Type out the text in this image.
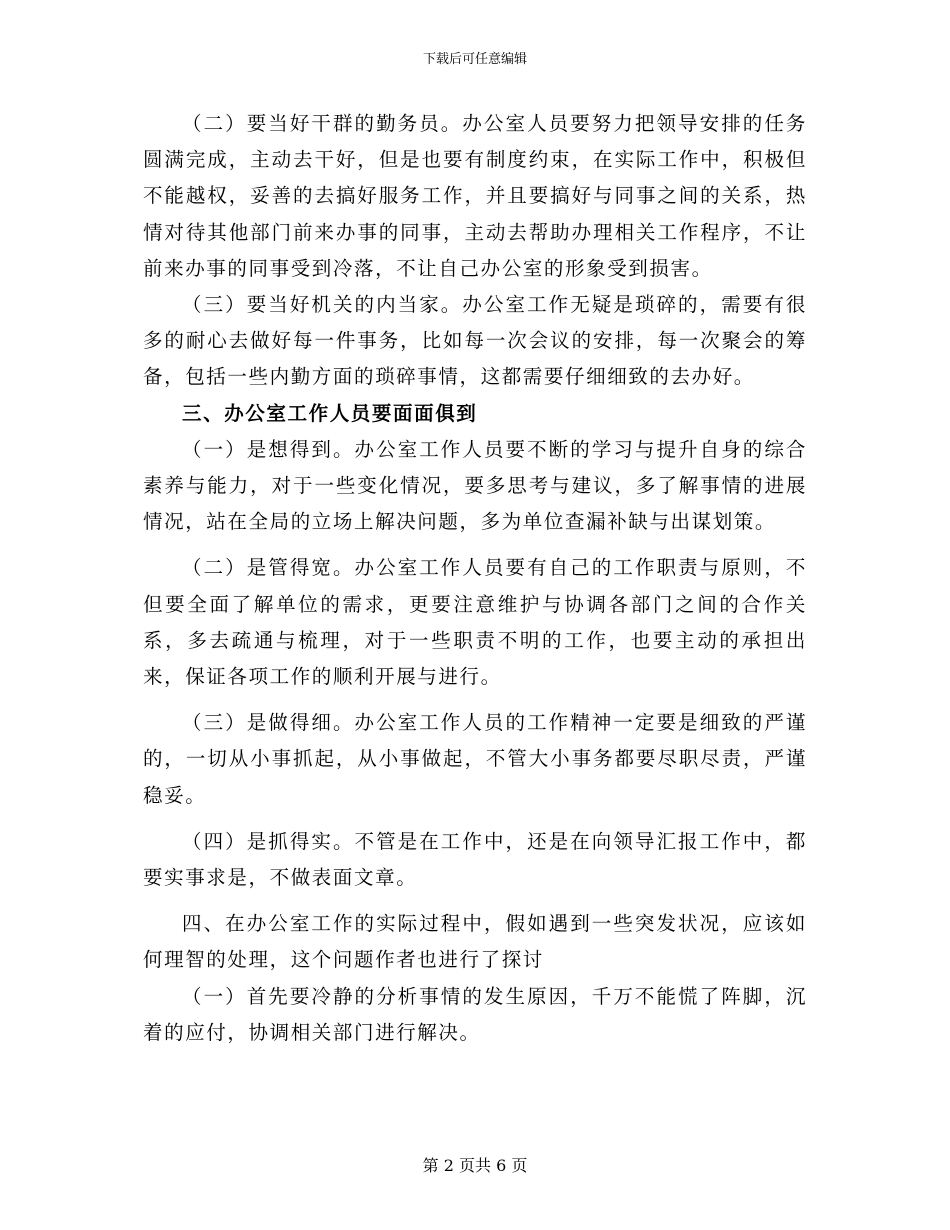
下载后可任意编辑

（二）要当好干群的勤务员。办公室人员要努力把领导安排的任务圆满完成，主动去干好，但是也要有制度约束，在实际工作中，积极但不能越权，妥善的去搞好服务工作，并且要搞好与同事之间的关系，热情对待其他部门前来办事的同事，主动去帮助办理相关工作程序，不让前来办事的同事受到冷落，不让自己办公室的形象受到损害。

（三）要当好机关的内当家。办公室工作无疑是琐碎的，需要有很多的耐心去做好每一件事务，比如每一次会议的安排，每一次聚会的筹备，包括一些内勤方面的琐碎事情，这都需要仔细细致的去办好。

三、办公室工作人员要面面俱到

（一）是想得到。办公室工作人员要不断的学习与提升自身的综合素养与能力，对于一些变化情况，要多思考与建议，多了解事情的进展情况，站在全局的立场上解决问题，多为单位查漏补缺与出谋划策。

（二）是管得宽。办公室工作人员要有自己的工作职责与原则，不但要全面了解单位的需求，更要注意维护与协调各部门之间的合作关系，多去疏通与梳理，对于一些职责不明的工作，也要主动的承担出来，保证各项工作的顺利开展与进行。

（三）是做得细。办公室工作人员的工作精神一定要是细致的严谨的，一切从小事抓起，从小事做起，不管大小事务都要尽职尽责，严谨稳妥。

（四）是抓得实。不管是在工作中，还是在向领导汇报工作中，都要实事求是，不做表面文章。

四、在办公室工作的实际过程中，假如遇到一些突发状况，应该如何理智的处理，这个问题作者也进行了探讨

（一）首先要冷静的分析事情的发生原因，千万不能慌了阵脚，沉着的应付，协调相关部门进行解决。

第 2 页共 6 页
